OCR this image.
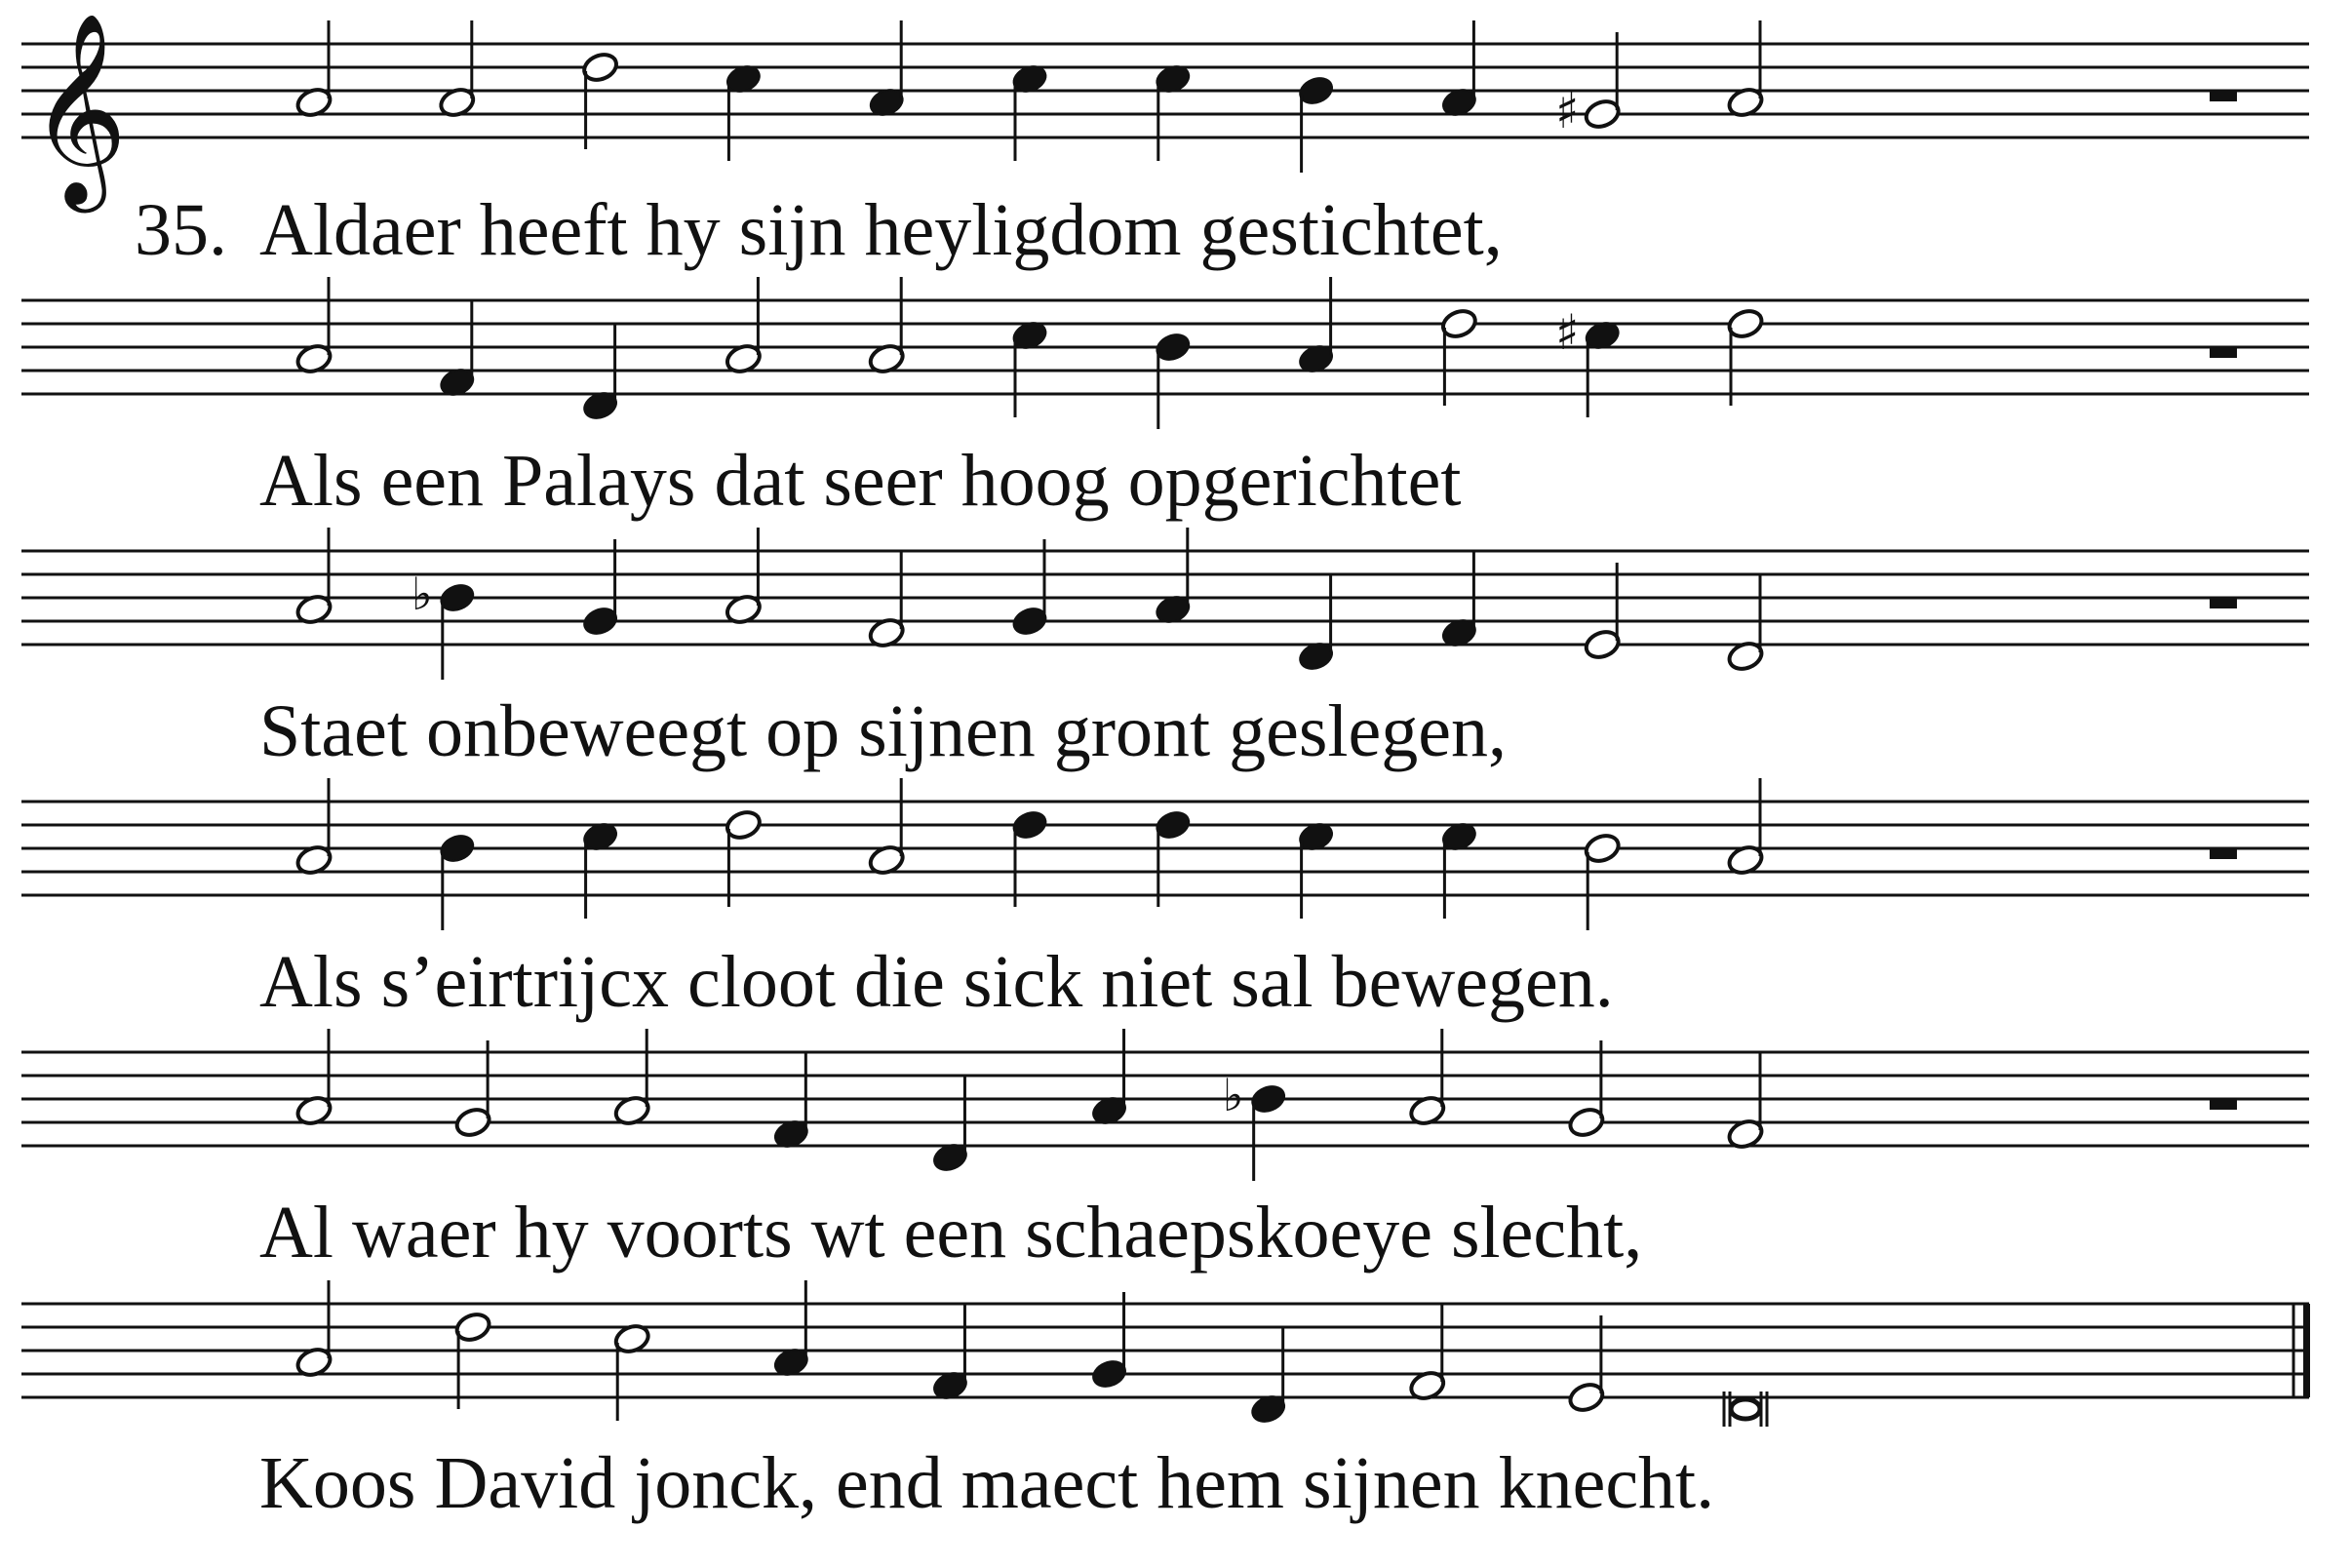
𝄞	♯
♯
♭
♭
35. Aldaer heeft hy sijn heyligdom gestichtet,
Als een Palays dat seer hoog opgerichtet
Staet onbeweegt op sijnen gront geslegen,
Als s’eirtrijcx cloot die sick niet sal bewegen.
Al waer hy voorts wt een schaepskoeye slecht,
Koos David jonck, end maect hem sijnen knecht.
